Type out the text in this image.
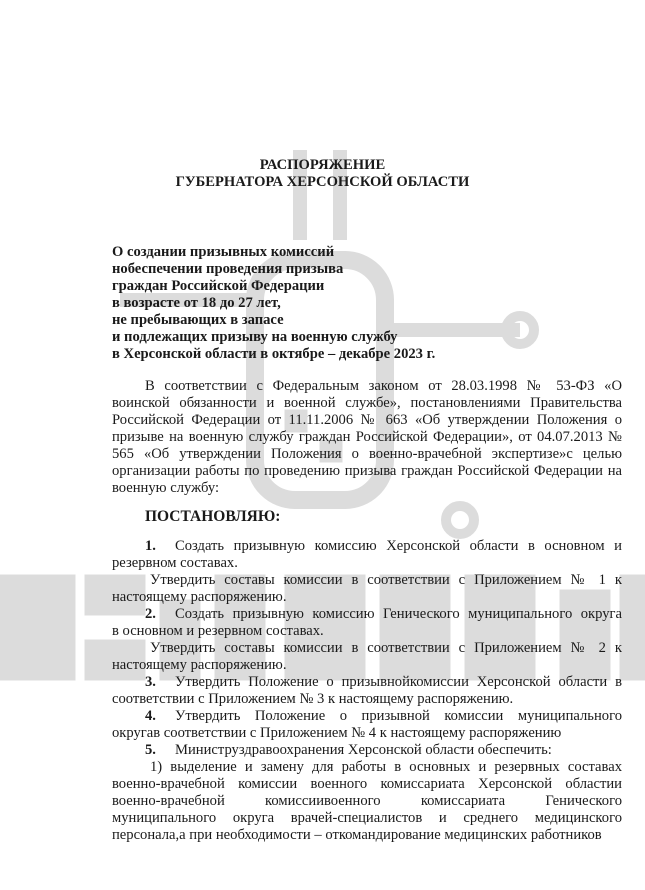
РАСПОРЯЖЕНИЕ
ГУБЕРНАТОРА ХЕРСОНСКОЙ ОБЛАСТИ
О создании призывных комиссий
нобеспечении проведения призыва
граждан Российской Федерации
в возрасте от 18 до 27 лет,
не пребывающих в запасе
и подлежащих призыву на военную службу
в Херсонской области в октябре – декабре 2023 г.
В соответствии с Федеральным законом от 28.03.1998 № 53-ФЗ «О
воинской обязанности и военной службе», постановлениями Правительства
Российской Федерации от 11.11.2006 № 663 «Об утверждении Положения о
призыве на военную службу граждан Российской Федерации», от 04.07.2013 №
565 «Об утверждении Положения о военно-врачебной экспертизе»с целью
организации работы по проведению призыва граждан Российской Федерации на
военную службу:
ПОСТАНОВЛЯЮ:
1.	Создать призывную комиссию Херсонской области в основном и
резервном составах.
Утвердить составы комиссии в соответствии с Приложением № 1 к
настоящему распоряжению.
2.	Создать призывную комиссию Генического муниципального округа
в основном и резервном составах.
Утвердить составы комиссии в соответствии с Приложением № 2 к
настоящему распоряжению.
3.	Утвердить Положение о призывнойкомиссии Херсонской области в
соответствии с Приложением № 3 к настоящему распоряжению.
4.	Утвердить Положение о призывной комиссии муниципального
округав соответствии с Приложением № 4 к настоящему распоряжению
5.	Министруздравоохранения Херсонской области обеспечить:
1) выделение и замену для работы в основных и резервных составах
военно-врачебной комиссии военного комиссариата Херсонской областии
военно-врачебной комиссиивоенного комиссариата Генического
муниципального округа врачей-специалистов и среднего медицинского
персонала,а при необходимости – откомандирование медицинских работников
